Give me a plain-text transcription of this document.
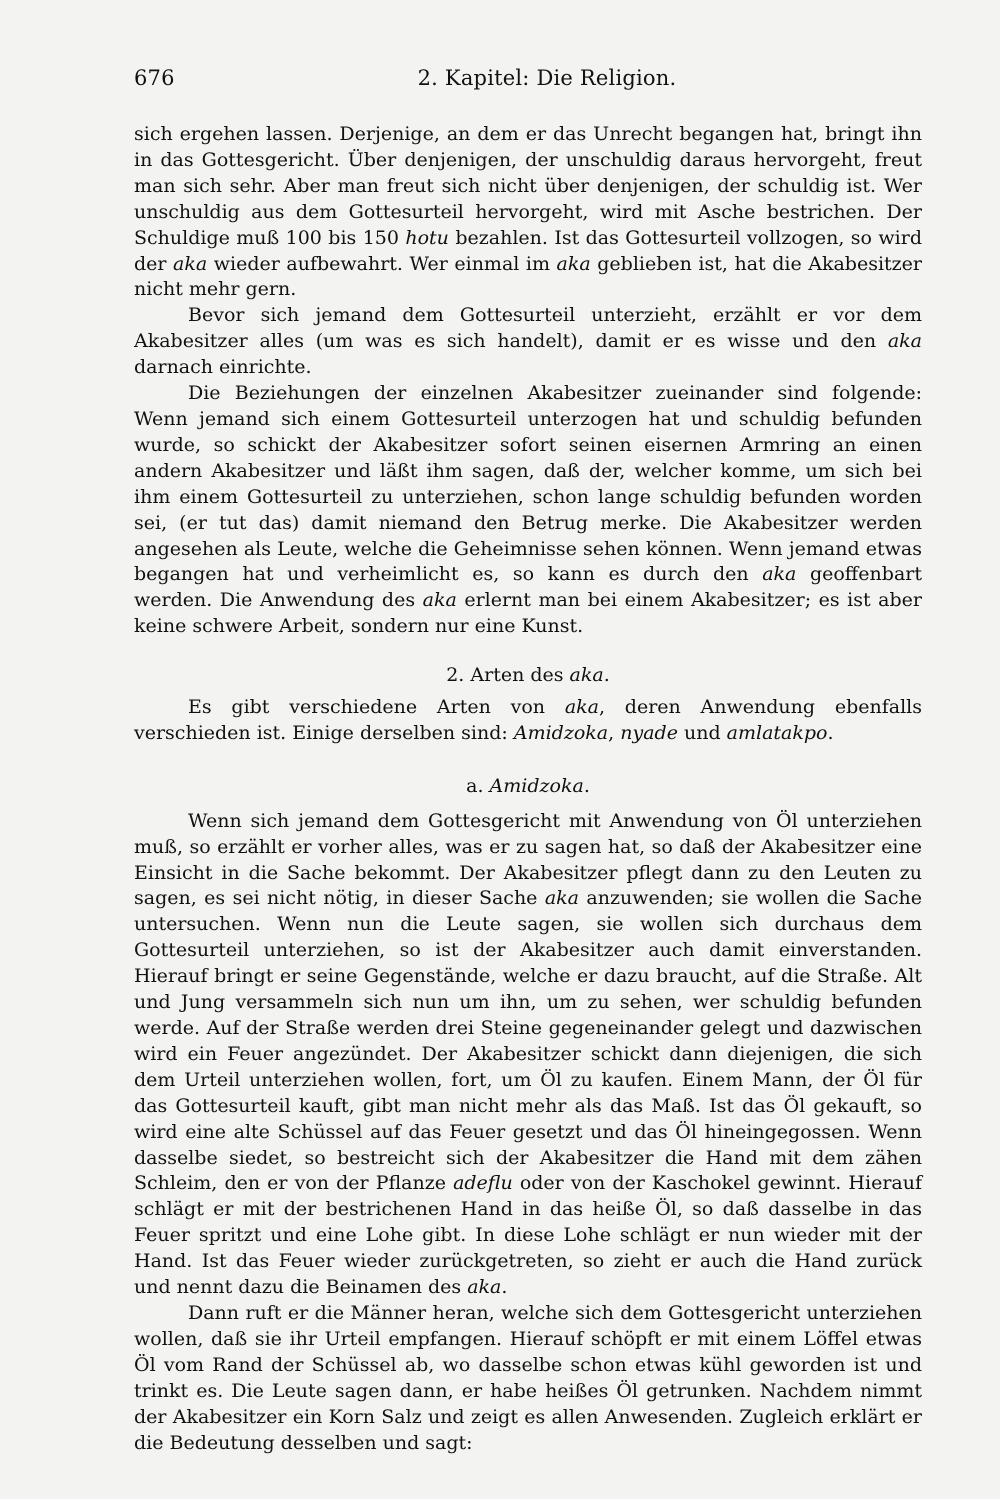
676	2. Kapitel: Die Religion.

sich ergehen lassen. Derjenige, an dem er das Unrecht begangen hat, bringt ihn in das Gottesgericht. Über denjenigen, der unschuldig daraus hervorgeht, freut man sich sehr. Aber man freut sich nicht über denjenigen, der schuldig ist. Wer unschuldig aus dem Gottesurteil hervorgeht, wird mit Asche bestrichen. Der Schuldige muß 100 bis 150 hotu bezahlen. Ist das Gottesurteil vollzogen, so wird der aka wieder aufbewahrt. Wer einmal im aka geblieben ist, hat die Akabesitzer nicht mehr gern.

Bevor sich jemand dem Gottesurteil unterzieht, erzählt er vor dem Akabesitzer alles (um was es sich handelt), damit er es wisse und den aka darnach einrichte.

Die Beziehungen der einzelnen Akabesitzer zueinander sind folgende: Wenn jemand sich einem Gottesurteil unterzogen hat und schuldig befunden wurde, so schickt der Akabesitzer sofort seinen eisernen Armring an einen andern Akabesitzer und läßt ihm sagen, daß der, welcher komme, um sich bei ihm einem Gottesurteil zu unterziehen, schon lange schuldig befunden worden sei, (er tut das) damit niemand den Betrug merke. Die Akabesitzer werden angesehen als Leute, welche die Geheimnisse sehen können. Wenn jemand etwas begangen hat und verheimlicht es, so kann es durch den aka geoffenbart werden. Die Anwendung des aka erlernt man bei einem Akabesitzer; es ist aber keine schwere Arbeit, sondern nur eine Kunst.

2. Arten des aka.

Es gibt verschiedene Arten von aka, deren Anwendung ebenfalls verschieden ist. Einige derselben sind: Amidzoka, nyade und amlatakpo.

a. Amidzoka.

Wenn sich jemand dem Gottesgericht mit Anwendung von Öl unterziehen muß, so erzählt er vorher alles, was er zu sagen hat, so daß der Akabesitzer eine Einsicht in die Sache bekommt. Der Akabesitzer pflegt dann zu den Leuten zu sagen, es sei nicht nötig, in dieser Sache aka anzuwenden; sie wollen die Sache untersuchen. Wenn nun die Leute sagen, sie wollen sich durchaus dem Gottesurteil unterziehen, so ist der Akabesitzer auch damit einverstanden. Hierauf bringt er seine Gegenstände, welche er dazu braucht, auf die Straße. Alt und Jung versammeln sich nun um ihn, um zu sehen, wer schuldig befunden werde. Auf der Straße werden drei Steine gegeneinander gelegt und dazwischen wird ein Feuer angezündet. Der Akabesitzer schickt dann diejenigen, die sich dem Urteil unterziehen wollen, fort, um Öl zu kaufen. Einem Mann, der Öl für das Gottesurteil kauft, gibt man nicht mehr als das Maß. Ist das Öl gekauft, so wird eine alte Schüssel auf das Feuer gesetzt und das Öl hineingegossen. Wenn dasselbe siedet, so bestreicht sich der Akabesitzer die Hand mit dem zähen Schleim, den er von der Pflanze adeflu oder von der Kaschokel gewinnt. Hierauf schlägt er mit der bestrichenen Hand in das heiße Öl, so daß dasselbe in das Feuer spritzt und eine Lohe gibt. In diese Lohe schlägt er nun wieder mit der Hand. Ist das Feuer wieder zurückgetreten, so zieht er auch die Hand zurück und nennt dazu die Beinamen des aka.

Dann ruft er die Männer heran, welche sich dem Gottesgericht unterziehen wollen, daß sie ihr Urteil empfangen. Hierauf schöpft er mit einem Löffel etwas Öl vom Rand der Schüssel ab, wo dasselbe schon etwas kühl geworden ist und trinkt es. Die Leute sagen dann, er habe heißes Öl getrunken. Nachdem nimmt der Akabesitzer ein Korn Salz und zeigt es allen Anwesenden. Zugleich erklärt er die Bedeutung desselben und sagt:
